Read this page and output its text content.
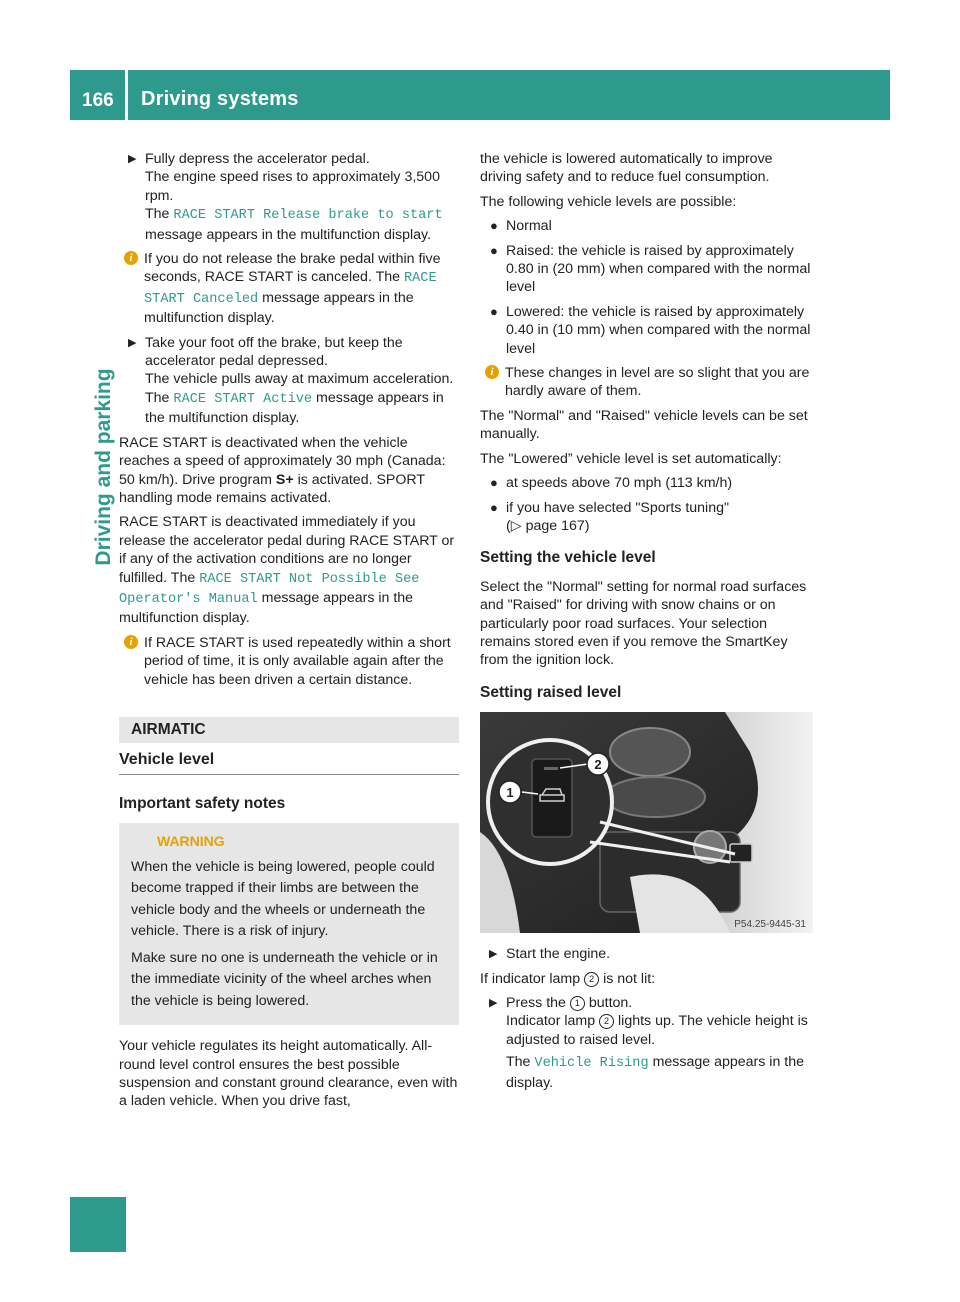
166 Driving systems
Driving and parking
▶ Fully depress the accelerator pedal.
The engine speed rises to approximately 3,500 rpm.

The RACE START Release brake to start message appears in the multifunction display.

i If you do not release the brake pedal within five seconds, RACE START is canceled. The RACE START Canceled message appears in the multifunction display.

▶ Take your foot off the brake, but keep the accelerator pedal depressed.
The vehicle pulls away at maximum acceleration.

The RACE START Active message appears in the multifunction display.

RACE START is deactivated when the vehicle reaches a speed of approximately 30 mph (Canada: 50 km/h). Drive program S+ is activated. SPORT handling mode remains activated.

RACE START is deactivated immediately if you release the accelerator pedal during RACE START or if any of the activation conditions are no longer fulfilled. The RACE START Not Possible See Operator's Manual message appears in the multifunction display.

i If RACE START is used repeatedly within a short period of time, it is only available again after the vehicle has been driven a certain distance.

AIRMATIC
Vehicle level
Important safety notes
WARNING

When the vehicle is being lowered, people could become trapped if their limbs are between the vehicle body and the wheels or underneath the vehicle. There is a risk of injury.

Make sure no one is underneath the vehicle or in the immediate vicinity of the wheel arches when the vehicle is being lowered.

Your vehicle regulates its height automatically. All-round level control ensures the best possible suspension and constant ground clearance, even with a laden vehicle. When you drive fast,

the vehicle is lowered automatically to improve driving safety and to reduce fuel consumption.

The following vehicle levels are possible:

● Normal

● Raised: the vehicle is raised by approximately 0.80 in (20 mm) when compared with the normal level

● Lowered: the vehicle is raised by approximately 0.40 in (10 mm) when compared with the normal level

i These changes in level are so slight that you are hardly aware of them.

The "Normal" and "Raised" vehicle levels can be set manually.

The "Lowered” vehicle level is set automatically:

● at speeds above 70 mph (113 km/h)

● if you have selected "Sports tuning"

(▷ page 167)

Setting the vehicle level

Select the "Normal" setting for normal road surfaces and "Raised" for driving with snow chains or on particularly poor road surfaces. Your selection remains stored even if you remove the SmartKey from the ignition lock.

Setting raised level
1
2
P54.25-9445-31
▶ Start the engine.

If indicator lamp 2 is not lit:

▶ Press the 1 button.
Indicator lamp 2 lights up. The vehicle height is adjusted to raised level.

The Vehicle Rising message appears in the display.
